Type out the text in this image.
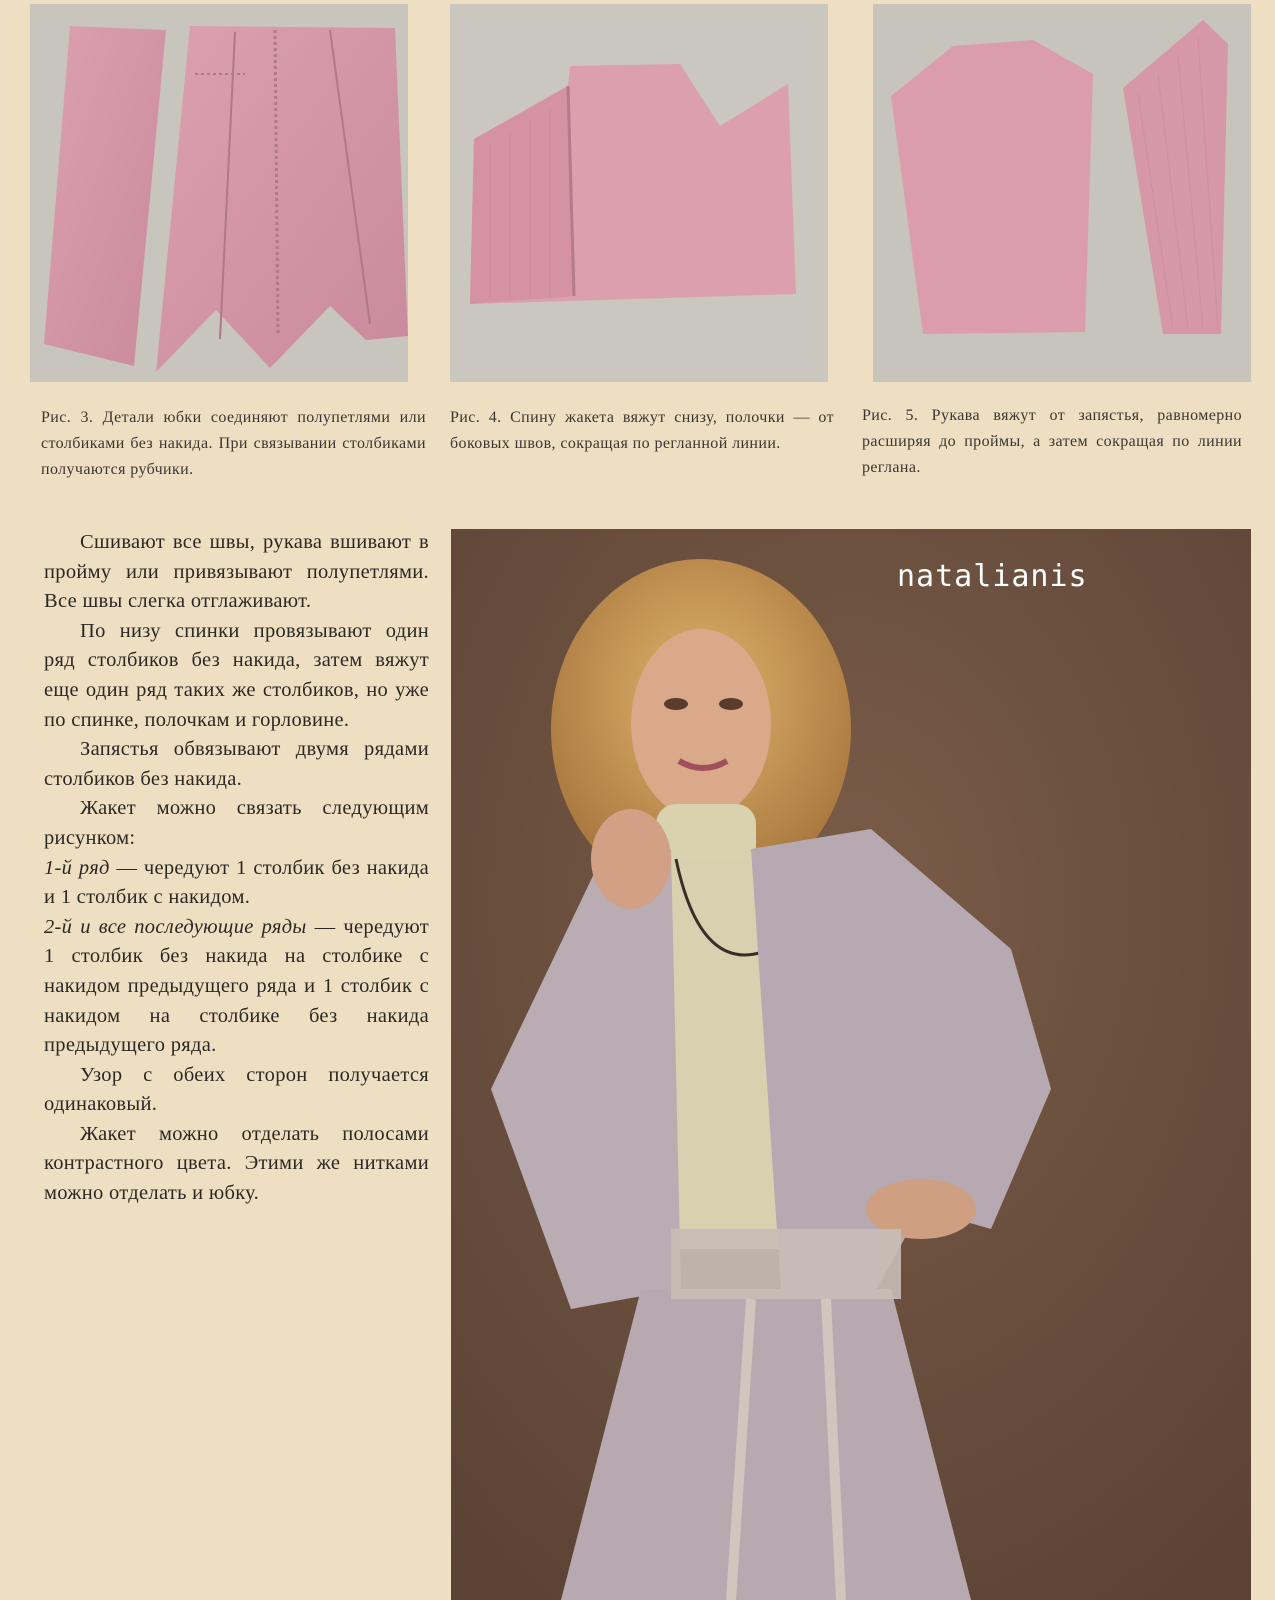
Рис. 3. Детали юбки соединяют полупетлями или столбиками без накида. При связывании столбиками получаются рубчики.

Рис. 4. Спину жакета вяжут снизу, полочки — от боковых швов, сокращая по регланной линии.

Рис. 5. Рукава вяжут от запястья, равномерно расширяя до проймы, а затем сокращая по линии реглана.

Сшивают все швы, рукава вшивают в пройму или привязывают полупетлями. Все швы слегка отглаживают.

По низу спинки провязывают один ряд столбиков без накида, затем вяжут еще один ряд таких же столбиков, но уже по спинке, полочкам и горловине.

Запястья обвязывают двумя рядами столбиков без накида.

Жакет можно связать следующим рисунком:

1-й ряд — чередуют 1 столбик без накида и 1 столбик с накидом.

2-й и все последующие ряды — чередуют 1 столбик без накида на столбике с накидом предыдущего ряда и 1 столбик с накидом на столбике без накида предыдущего ряда.

Узор с обеих сторон получается одинаковый.

Жакет можно отделать полосами контрастного цвета. Этими же нитками можно отделать и юбку.

natalianis
